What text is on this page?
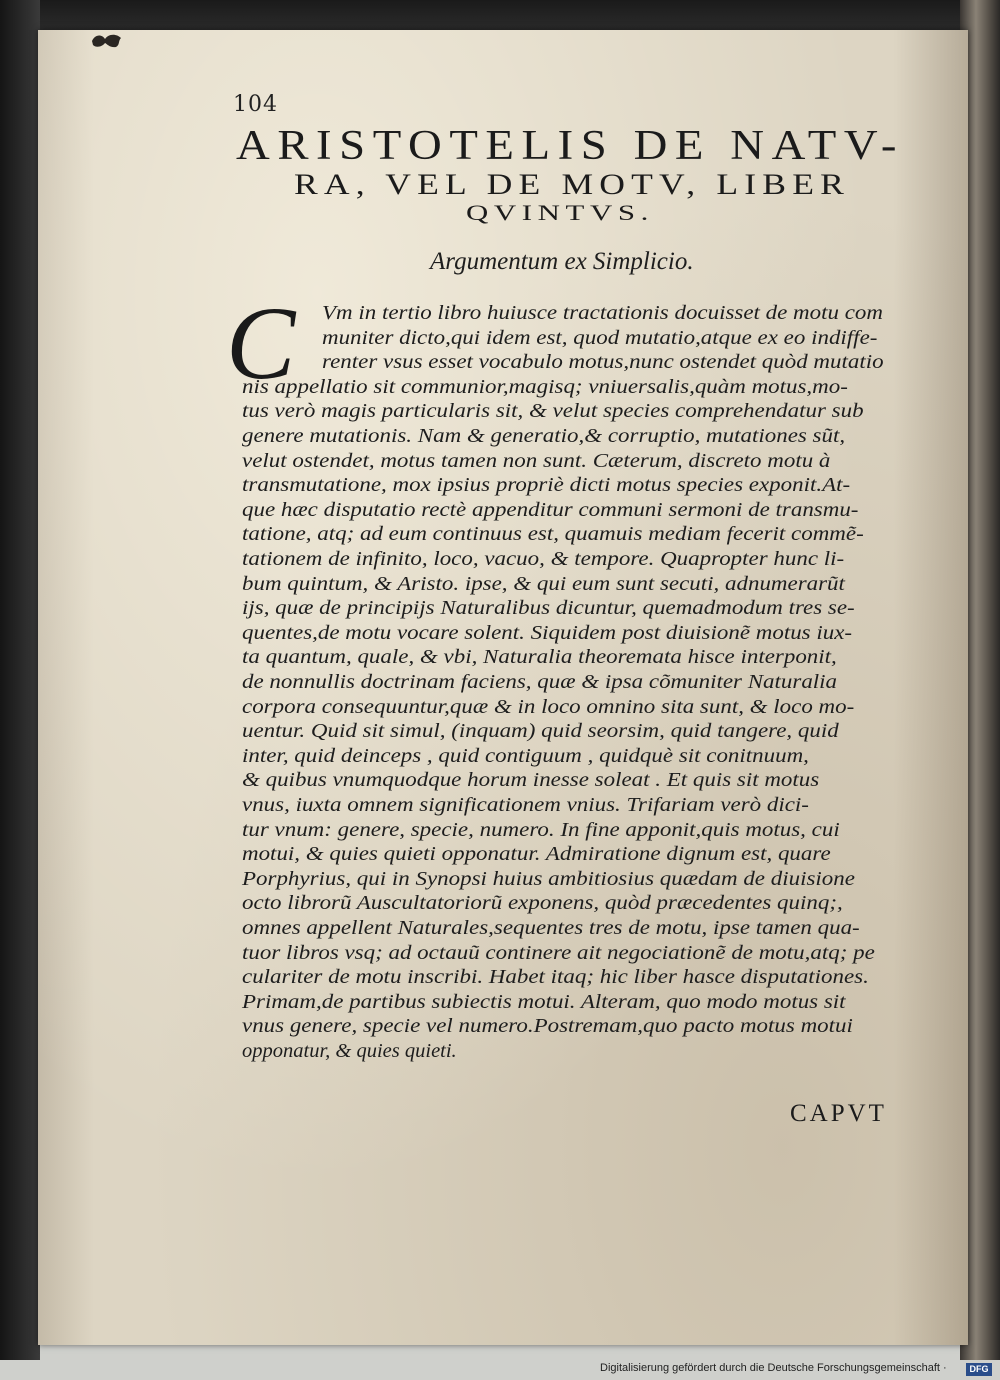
104
ARISTOTELIS DE NATV-
RA, VEL DE MOTV, LIBER
QVINTVS.
Argumentum ex Simplicio.
C Vm in tertio libro huiusce tractationis docuisset de motu com
muniter dicto,qui idem est, quod mutatio,atque ex eo indiffe-
renter vsus esset vocabulo motus,nunc ostendet quòd mutatio
nis appellatio sit communior,magisq; vniuersalis,quàm motus,mo-
tus verò magis particularis sit, & velut species comprehendatur sub
genere mutationis. Nam & generatio,& corruptio, mutationes sũt,
velut ostendet, motus tamen non sunt. Cæterum, discreto motu à
transmutatione, mox ipsius propriè dicti motus species exponit.At-
que hæc disputatio rectè appenditur communi sermoni de transmu-
tatione, atq; ad eum continuus est, quamuis mediam fecerit commẽ-
tationem de infinito, loco, vacuo, & tempore. Quapropter hunc li-
bum quintum, & Aristo. ipse, & qui eum sunt secuti, adnumerarũt
ijs, quæ de principijs Naturalibus dicuntur, quemadmodum tres se-
quentes,de motu vocare solent. Siquidem post diuisionẽ motus iux-
ta quantum, quale, & vbi, Naturalia theoremata hisce interponit,
de nonnullis doctrinam faciens, quæ & ipsa cõmuniter Naturalia
corpora consequuntur,quæ & in loco omnino sita sunt, & loco mo-
uentur. Quid sit simul, (inquam) quid seorsim, quid tangere, quid
inter, quid deinceps , quid contiguum , quidquè sit conitnuum,
& quibus vnumquodque horum inesse soleat . Et quis sit motus
vnus, iuxta omnem significationem vnius. Trifariam verò dici-
tur vnum: genere, specie, numero. In fine apponit,quis motus, cui
motui, & quies quieti opponatur. Admiratione dignum est, quare
Porphyrius, qui in Synopsi huius ambitiosius quædam de diuisione
octo librorũ Auscultatoriorũ exponens, quòd præcedentes quinq;,
omnes appellent Naturales,sequentes tres de motu, ipse tamen qua-
tuor libros vsq; ad octauũ continere ait negociationẽ de motu,atq; pe
culariter de motu inscribi. Habet itaq; hic liber hasce disputationes.
Primam,de partibus subiectis motui. Alteram, quo modo motus sit
vnus genere, specie vel numero.Postremam,quo pacto motus motui
opponatur, & quies quieti.
CAPVT
Digitalisierung gefördert durch die Deutsche Forschungsgemeinschaft ·	DFG
